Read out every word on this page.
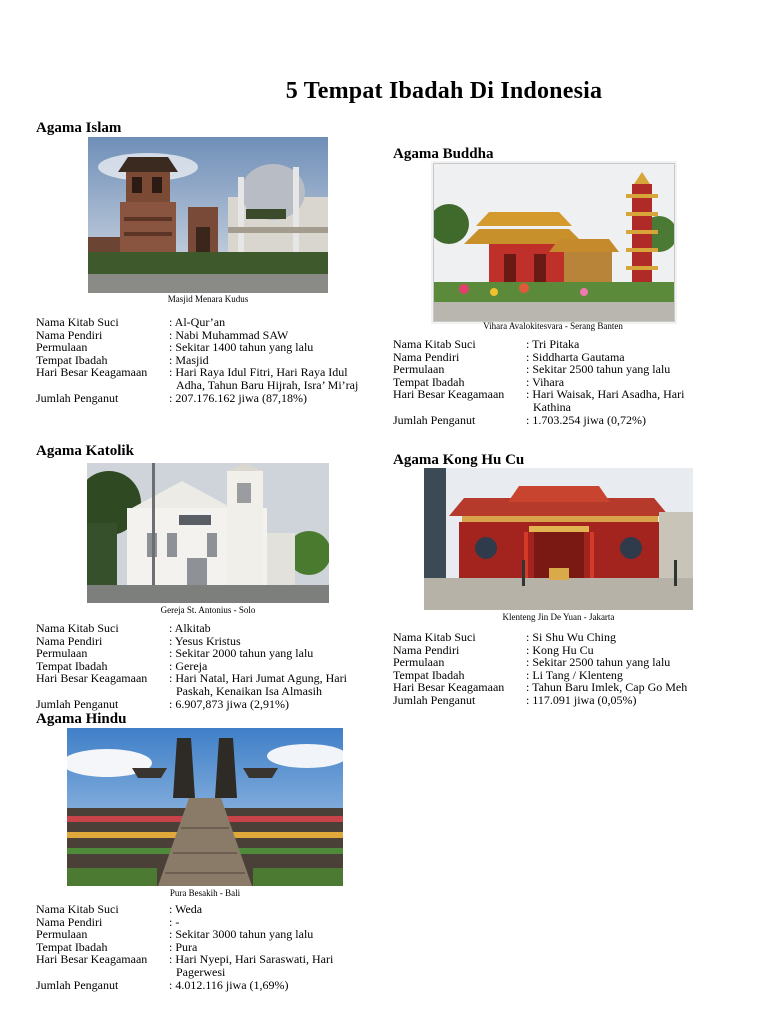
5 Tempat Ibadah Di Indonesia
Agama Islam
Masjid Menara Kudus
Nama Kitab Suci	: Al-Qur’an
Nama Pendiri	: Nabi Muhammad SAW
Permulaan	: Sekitar 1400 tahun yang lalu
Tempat Ibadah	: Masjid
Hari Besar Keagamaan	: Hari Raya Idul Fitri, Hari Raya Idul
Adha, Tahun Baru Hijrah, Isra’ Mi’raj
Jumlah Penganut	: 207.176.162 jiwa (87,18%)
Agama Buddha
Vihara Avalokitesvara - Serang Banten
Nama Kitab Suci	: Tri Pitaka
Nama Pendiri	: Siddharta Gautama
Permulaan	: Sekitar 2500 tahun yang lalu
Tempat Ibadah	: Vihara
Hari Besar Keagamaan	: Hari Waisak, Hari Asadha, Hari
Kathina
Jumlah Penganut	: 1.703.254 jiwa (0,72%)
Agama Katolik
Gereja St. Antonius - Solo
Nama Kitab Suci	: Alkitab
Nama Pendiri	: Yesus Kristus
Permulaan	: Sekitar 2000 tahun yang lalu
Tempat Ibadah	: Gereja
Hari Besar Keagamaan	: Hari Natal, Hari Jumat Agung, Hari
Paskah, Kenaikan Isa Almasih
Jumlah Penganut	: 6.907,873 jiwa (2,91%)
Agama Kong Hu Cu
Klenteng Jin De Yuan - Jakarta
Nama Kitab Suci	: Si Shu Wu Ching
Nama Pendiri	: Kong Hu Cu
Permulaan	: Sekitar 2500 tahun yang lalu
Tempat Ibadah	: Li Tang / Klenteng
Hari Besar Keagamaan	: Tahun Baru Imlek, Cap Go Meh
Jumlah Penganut	: 117.091 jiwa (0,05%)
Agama Hindu
Pura Besakih - Bali
Nama Kitab Suci	: Weda
Nama Pendiri	: -
Permulaan	: Sekitar 3000 tahun yang lalu
Tempat Ibadah	: Pura
Hari Besar Keagamaan	: Hari Nyepi, Hari Saraswati, Hari
Pagerwesi
Jumlah Penganut	: 4.012.116 jiwa (1,69%)
